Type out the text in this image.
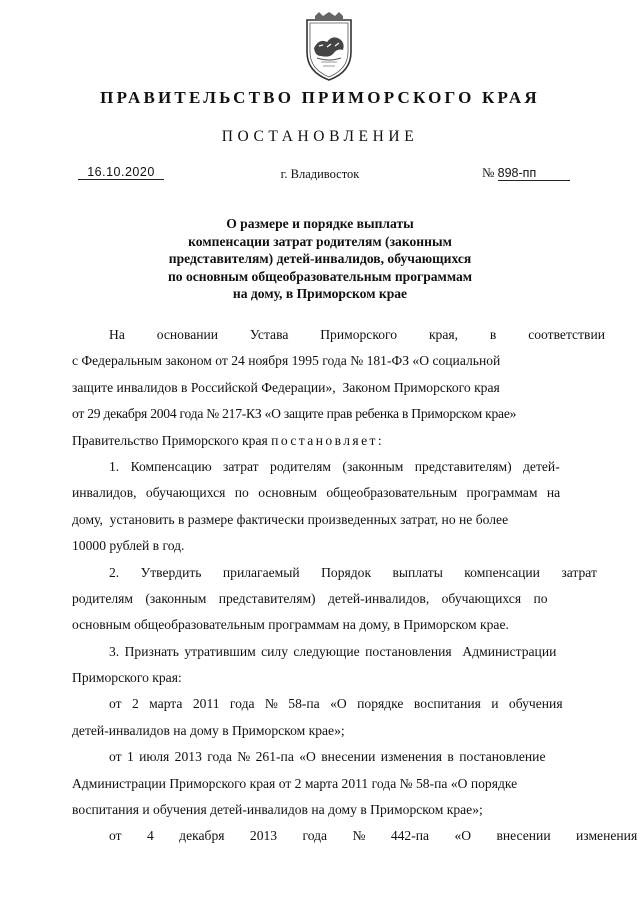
ПРАВИТЕЛЬСТВО ПРИМОРСКОГО КРАЯ
ПОСТАНОВЛЕНИЕ
16.10.2020	г. Владивосток	№ 898-пп
О размере и порядке выплаты
компенсации затрат родителям (законным
представителям) детей-инвалидов, обучающихся
по основным общеобразовательным программам
на дому, в Приморском крае
На основании Устава Приморского края, в соответствии
с Федеральным законом от 24 ноября 1995 года № 181-ФЗ «О социальной
защите инвалидов в Российской Федерации»,  Законом Приморского края
от 29 декабря 2004 года № 217-КЗ «О защите прав ребенка в Приморском крае»
Правительство Приморского края постановляет:
1. Компенсацию затрат родителям (законным представителям) детей-
инвалидов, обучающихся по основным общеобразовательным программам на
дому,  установить в размере фактически произведенных затрат, но не более
10000 рублей в год.
2. Утвердить прилагаемый Порядок выплаты компенсации затрат
родителям (законным представителям) детей-инвалидов, обучающихся по
основным общеобразовательным программам на дому, в Приморском крае.
3. Признать утратившим силу следующие постановления  Администрации
Приморского края:
от 2 марта 2011 года № 58-па «О порядке воспитания и обучения
детей-инвалидов на дому в Приморском крае»;
от 1 июля 2013 года № 261-па «О внесении изменения в постановление
Администрации Приморского края от 2 марта 2011 года № 58-па «О порядке
воспитания и обучения детей-инвалидов на дому в Приморском крае»;
от 4 декабря 2013 года № 442-па «О внесении изменения
